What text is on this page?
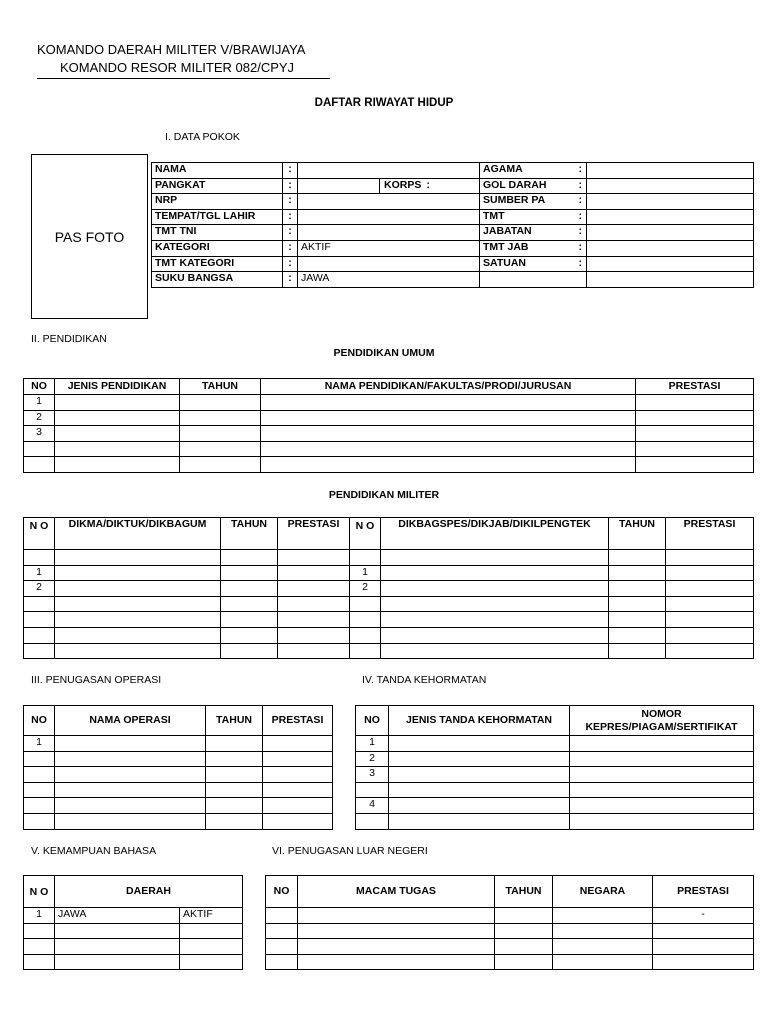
KOMANDO DAERAH MILITER V/BRAWIJAYA
KOMANDO RESOR MILITER 082/CPYJ
DAFTAR RIWAYAT HIDUP
I. DATA POKOK
PAS FOTO
NAMA	:			AGAMA :	

PANGKAT	:		KORPS :	GOL DARAH :	

NRP	:			SUMBER PA :	

TEMPAT/TGL LAHIR	:			TMT :	

TMT TNI	:			JABATAN :	

KATEGORI	:	AKTIF		TMT JAB :	

TMT KATEGORI	:			SATUAN :	

SUKU BANGSA	:	JAWA			
II. PENDIDIKAN
PENDIDIKAN UMUM
NO	JENIS PENDIDIKAN	TAHUN	NAMA PENDIDIKAN/FAKULTAS/PRODI/JURUSAN	PRESTASI
1				
2				
3				

PENDIDIKAN MILITER
N O	DIKMA/DIKTUK/DIKBAGUM	TAHUN	PRESTASI	N O	DIKBAGSPES/DIKJAB/DIKILPENGTEK	TAHUN	PRESTASI

1				1			
2				2			

III. PENUGASAN OPERASI	IV. TANDA KEHORMATAN
NO	NAMA OPERASI	TAHUN	PRESTASI
1			

NO	JENIS TANDA KEHORMATAN	NOMOR KEPRES/PIAGAM/SERTIFIKAT
1		
2		
3		

4		

V. KEMAMPUAN BAHASA	VI. PENUGASAN LUAR NEGERI
N O	DAERAH	
1	JAWA	AKTIF

NO	MACAM TUGAS	TAHUN	NEGARA	PRESTASI
				-
